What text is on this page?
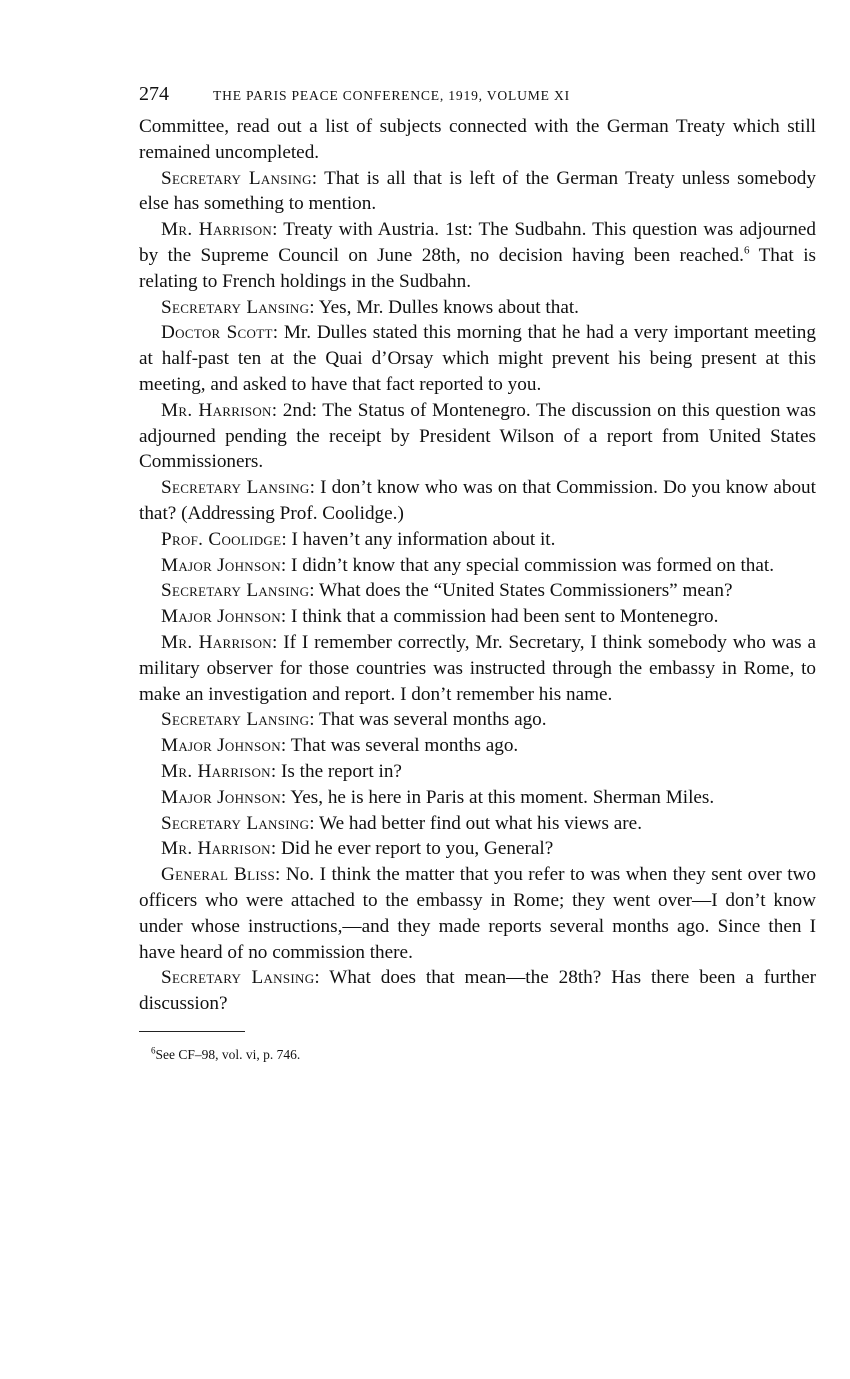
274	THE PARIS PEACE CONFERENCE, 1919, VOLUME XI

Committee, read out a list of subjects connected with the German Treaty which still remained uncompleted.

Secretary Lansing: That is all that is left of the German Treaty unless somebody else has something to mention.

Mr. Harrison: Treaty with Austria. 1st: The Sudbahn. This question was adjourned by the Supreme Council on June 28th, no decision having been reached.$^6$ That is relating to French holdings in the Sudbahn.

Secretary Lansing: Yes, Mr. Dulles knows about that.

Doctor Scott: Mr. Dulles stated this morning that he had a very important meeting at half-past ten at the Quai d’Orsay which might prevent his being present at this meeting, and asked to have that fact reported to you.

Mr. Harrison: 2nd: The Status of Montenegro. The discussion on this question was adjourned pending the receipt by President Wilson of a report from United States Commissioners.

Secretary Lansing: I don’t know who was on that Commission. Do you know about that? (Addressing Prof. Coolidge.)

Prof. Coolidge: I haven’t any information about it.

Major Johnson: I didn’t know that any special commission was formed on that.

Secretary Lansing: What does the “United States Commissioners” mean?

Major Johnson: I think that a commission had been sent to Montenegro.

Mr. Harrison: If I remember correctly, Mr. Secretary, I think somebody who was a military observer for those countries was instructed through the embassy in Rome, to make an investigation and report. I don’t remember his name.

Secretary Lansing: That was several months ago.

Major Johnson: That was several months ago.

Mr. Harrison: Is the report in?

Major Johnson: Yes, he is here in Paris at this moment. Sherman Miles.

Secretary Lansing: We had better find out what his views are.

Mr. Harrison: Did he ever report to you, General?

General Bliss: No. I think the matter that you refer to was when they sent over two officers who were attached to the embassy in Rome; they went over—I don’t know under whose instructions,—and they made reports several months ago. Since then I have heard of no commission there.

Secretary Lansing: What does that mean—the 28th? Has there been a further discussion?

$^6$See CF–98, vol. vi, p. 746.
